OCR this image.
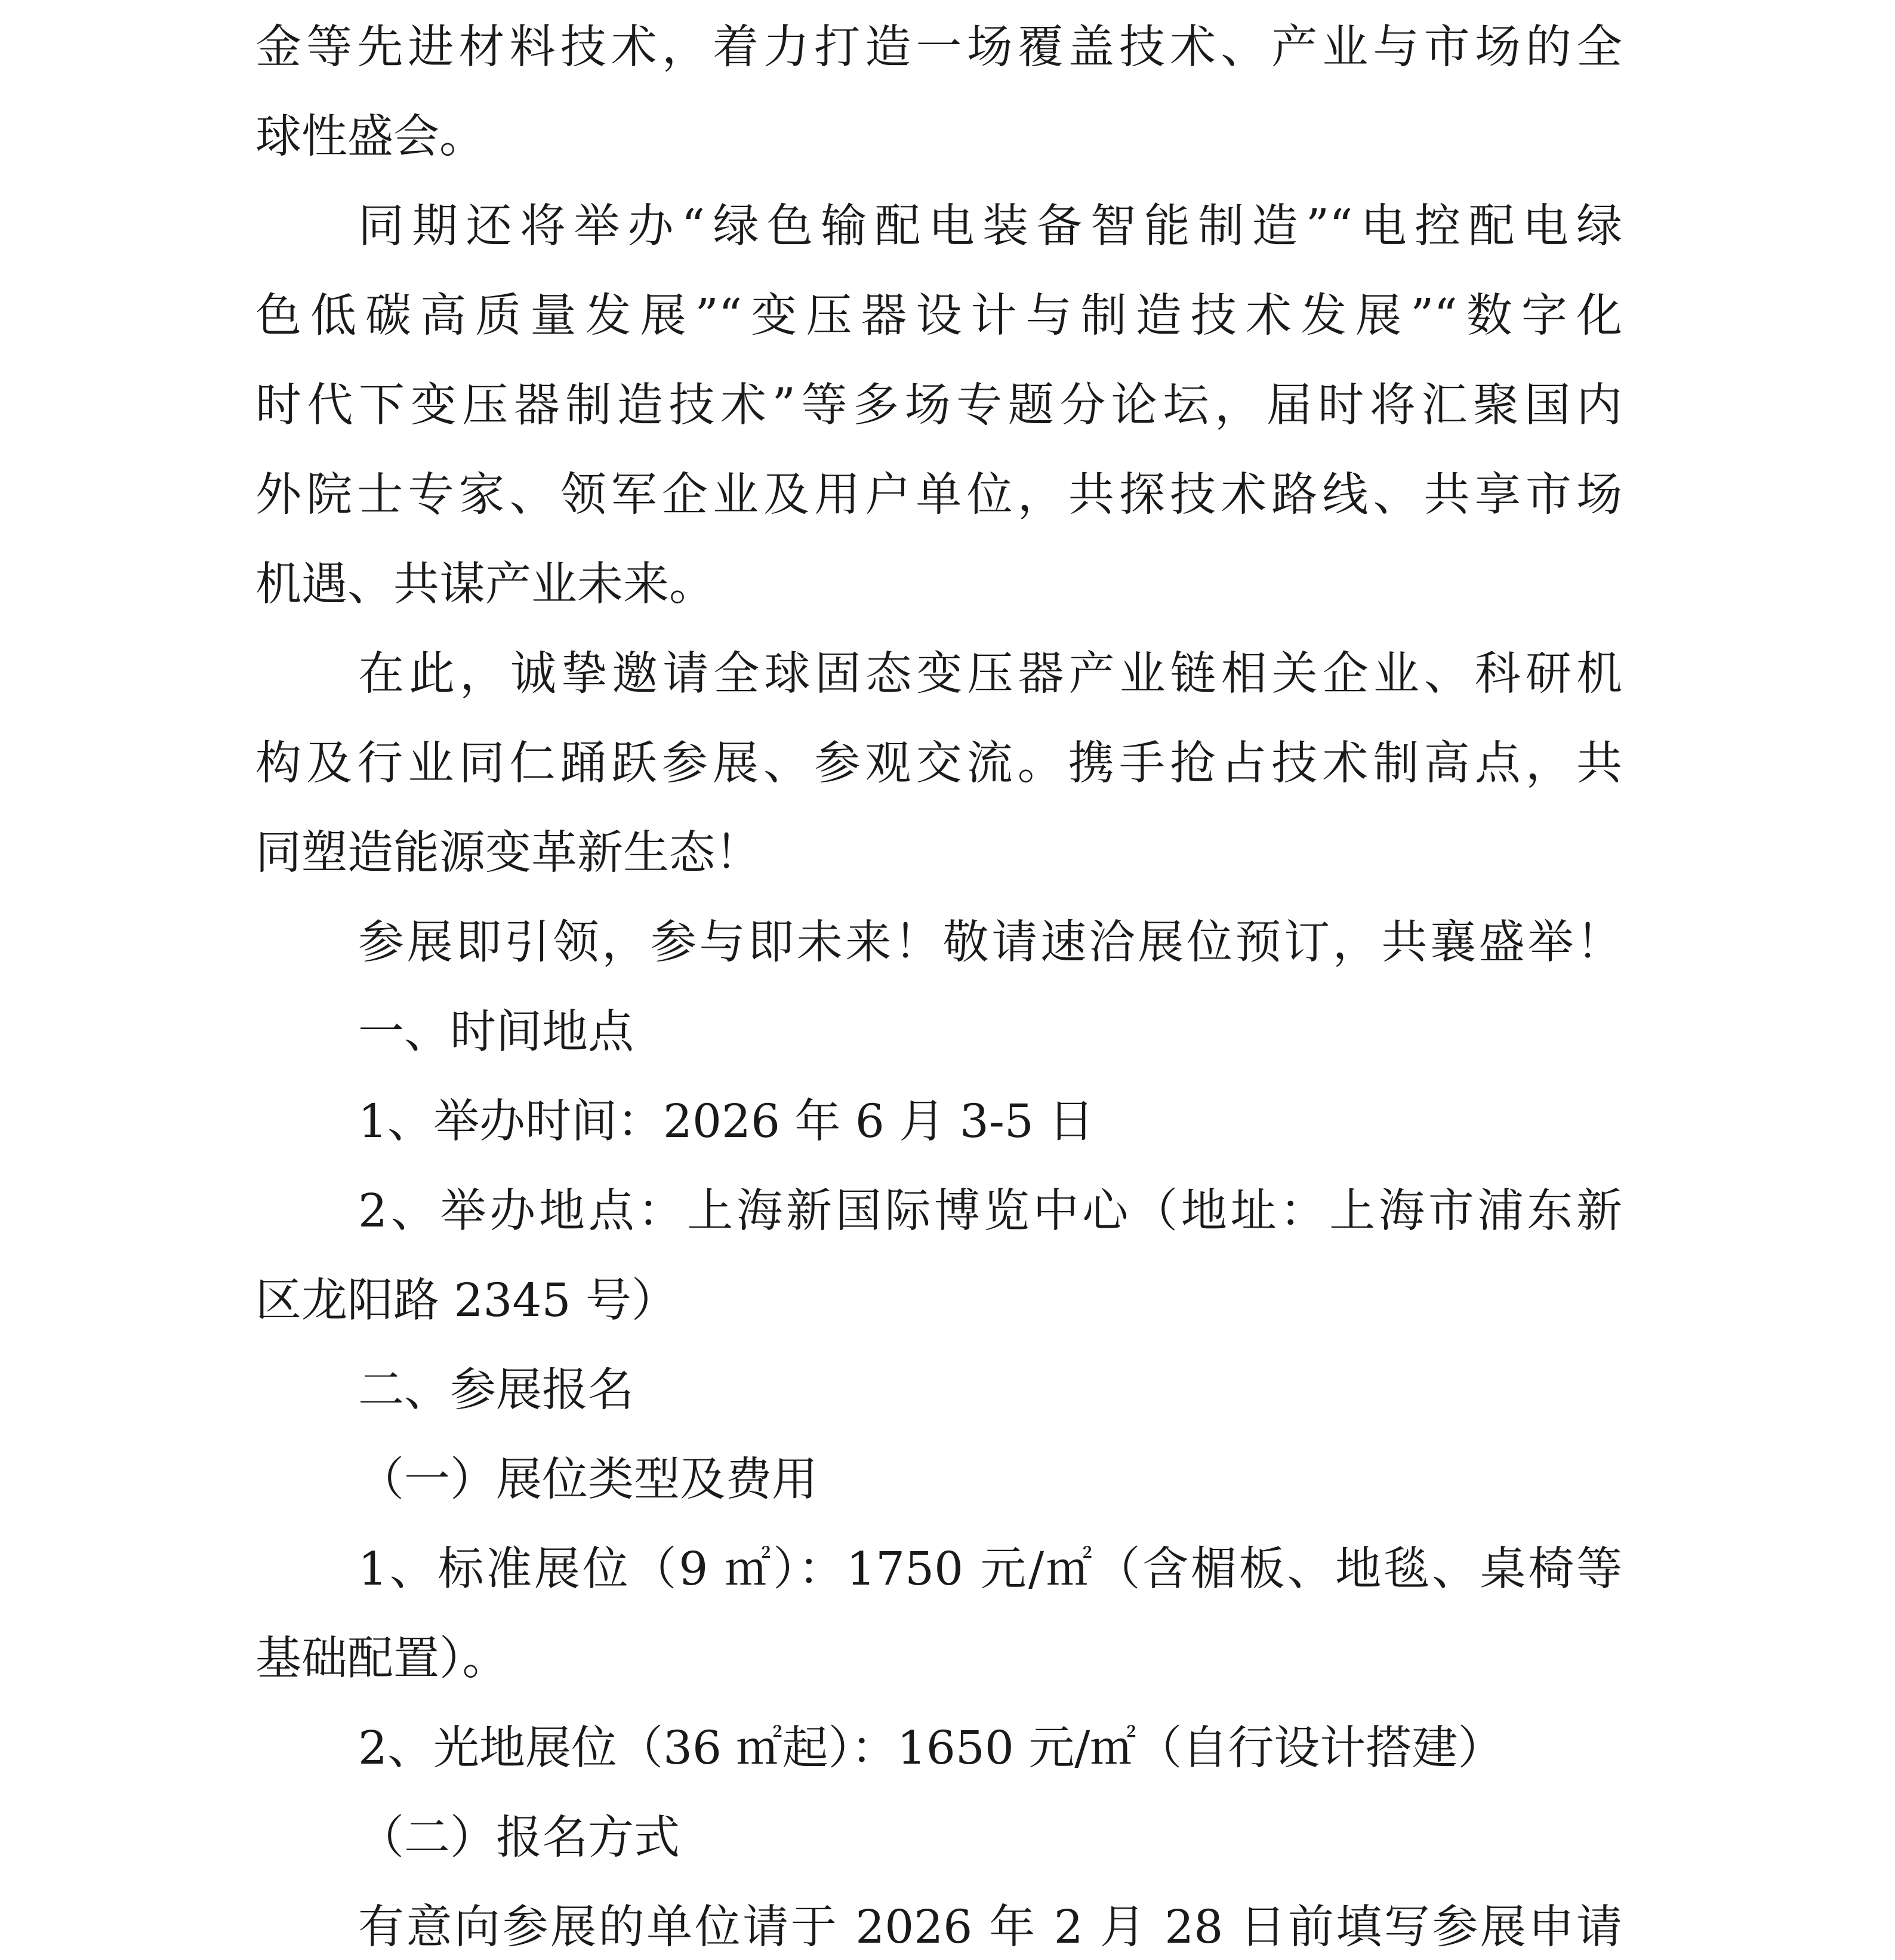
金等先进材料技术，着力打造一场覆盖技术、产业与市场的全
球性盛会。
同期还将举办“绿色输配电装备智能制造”“电控配电绿
色低碳高质量发展”“变压器设计与制造技术发展”“数字化
时代下变压器制造技术”等多场专题分论坛，届时将汇聚国内
外院士专家、领军企业及用户单位，共探技术路线、共享市场
机遇、共谋产业未来。
在此，诚挚邀请全球固态变压器产业链相关企业、科研机
构及行业同仁踊跃参展、参观交流。携手抢占技术制高点，共
同塑造能源变革新生态！
参展即引领，参与即未来！敬请速洽展位预订，共襄盛举！
一、时间地点
1、举办时间：2026 年 6 月 3-5 日
2、举办地点：上海新国际博览中心（地址：上海市浦东新
区龙阳路 2345 号）
二、参展报名
（一）展位类型及费用
1、标准展位（9 ㎡）：1750 元/㎡（含楣板、地毯、桌椅等
基础配置）。
2、光地展位（36 ㎡起）：1650 元/㎡（自行设计搭建）
（二）报名方式
有意向参展的单位请于 2026 年 2 月 28 日前填写参展申请
